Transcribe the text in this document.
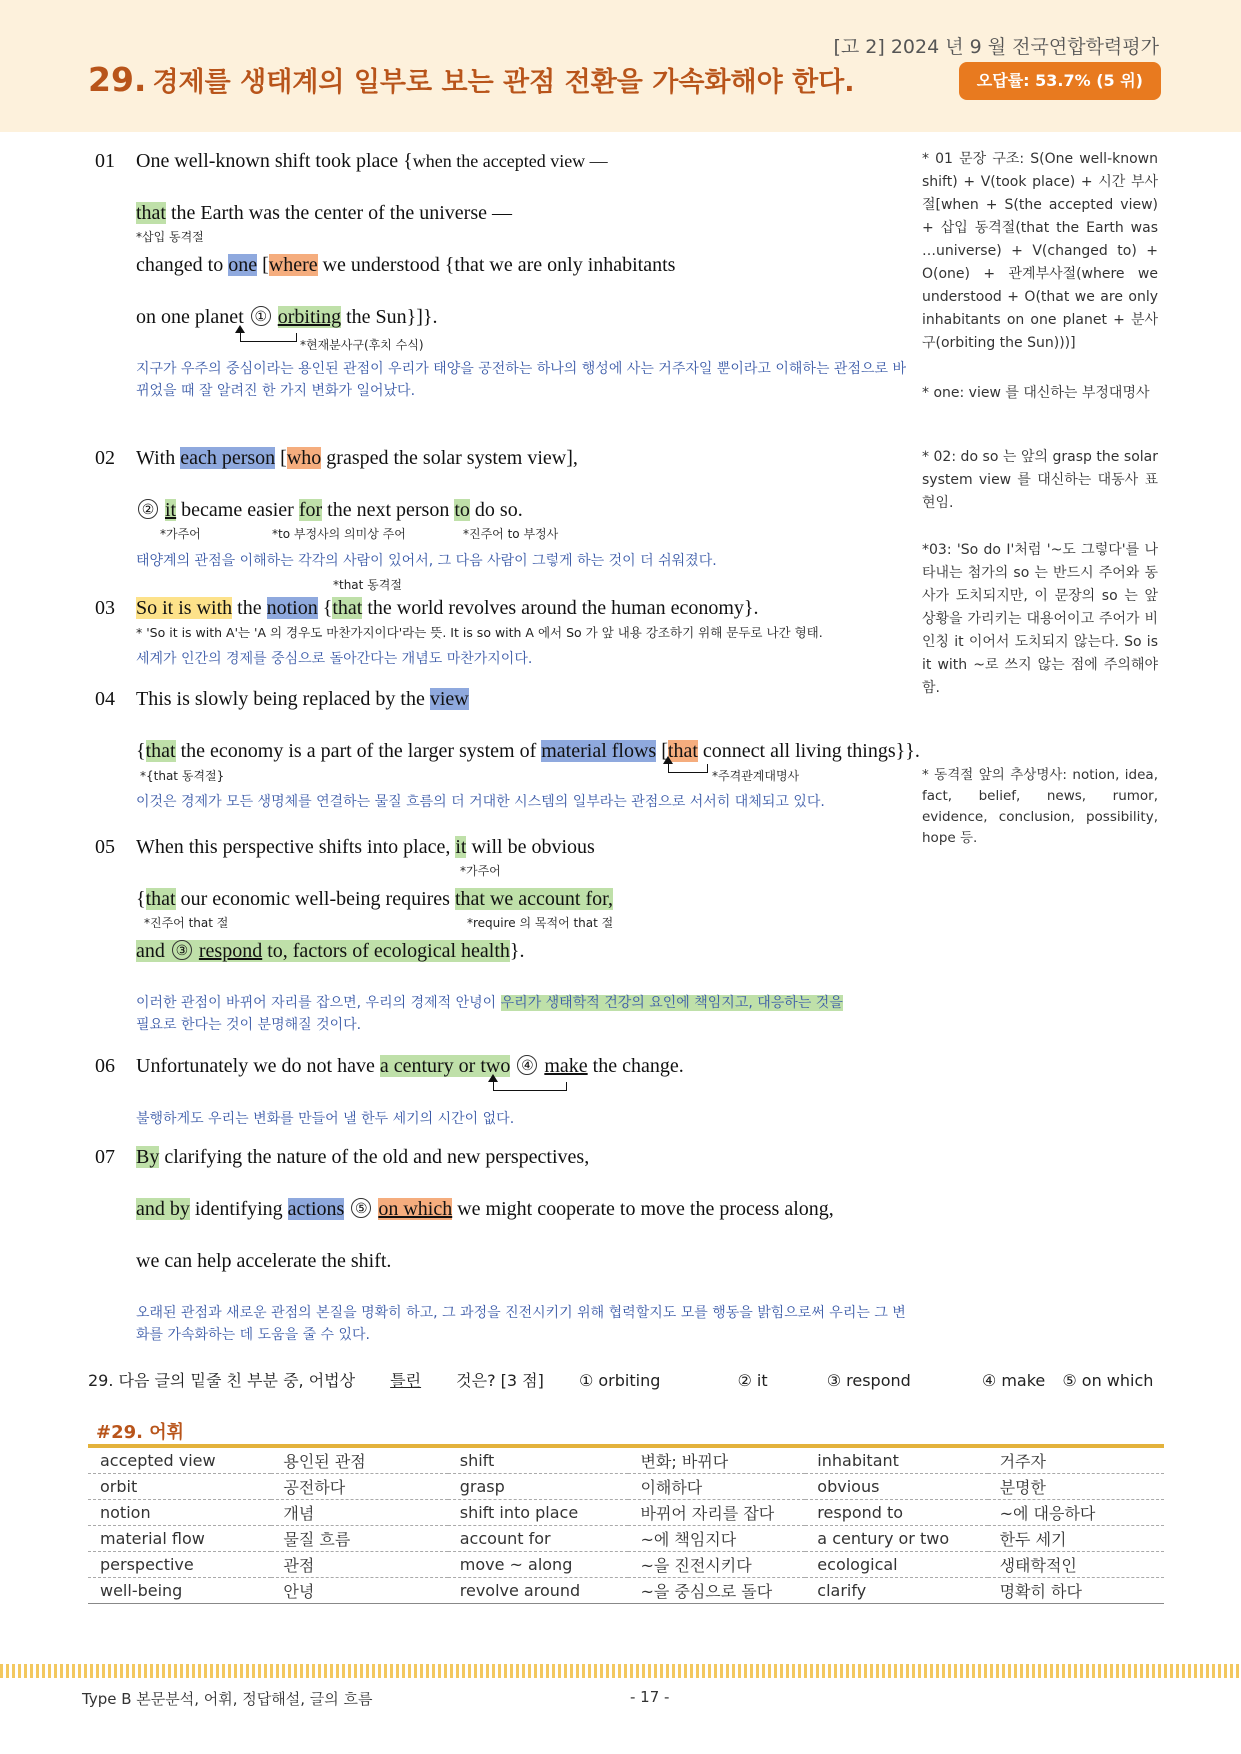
[고 2] 2024 년 9 월 전국연합학력평가
29. 경제를 생태계의 일부로 보는 관점 전환을 가속화해야 한다.	오답률: 53.7% (5 위)
01 One well-known shift took place {when the accepted view —
that the Earth was the center of the universe —
*삽입 동격절
changed to one [where we understood {that we are only inhabitants
on one planet ① orbiting the Sun}]}.
*현재분사구(후치 수식)
지구가 우주의 중심이라는 용인된 관점이 우리가 태양을 공전하는 하나의 행성에 사는 거주자일 뿐이라고 이해하는 관점으로 바뀌었을 때 잘 알려진 한 가지 변화가 일어났다.
02 With each person [who grasped the solar system view],
② it became easier for the next person to do so.
*가주어	*to 부정사의 의미상 주어	*진주어 to 부정사
태양계의 관점을 이해하는 각각의 사람이 있어서, 그 다음 사람이 그렇게 하는 것이 더 쉬워졌다.
*that 동격절
03 So it is with the notion {that the world revolves around the human economy}.
* 'So it is with A'는 'A 의 경우도 마찬가지이다'라는 뜻. It is so with A 에서 So 가 앞 내용 강조하기 위해 문두로 나간 형태.
세계가 인간의 경제를 중심으로 돌아간다는 개념도 마찬가지이다.
04 This is slowly being replaced by the view
{that the economy is a part of the larger system of material flows [that connect all living things}}.
*{that 동격절}	*주격관계대명사
이것은 경제가 모든 생명체를 연결하는 물질 흐름의 더 거대한 시스템의 일부라는 관점으로 서서히 대체되고 있다.
05 When this perspective shifts into place, it will be obvious
*가주어
{that our economic well-being requires that we account for,
*진주어 that 절	*require 의 목적어 that 절
and ③ respond to, factors of ecological health}.
이러한 관점이 바뀌어 자리를 잡으면, 우리의 경제적 안녕이 우리가 생태학적 건강의 요인에 책임지고, 대응하는 것을
필요로 한다는 것이 분명해질 것이다.
06 Unfortunately we do not have a century or two ④ make the change.
불행하게도 우리는 변화를 만들어 낼 한두 세기의 시간이 없다.
07 By clarifying the nature of the old and new perspectives,
and by identifying actions ⑤ on which we might cooperate to move the process along,
we can help accelerate the shift.
오래된 관점과 새로운 관점의 본질을 명확히 하고, 그 과정을 진전시키기 위해 협력할지도 모를 행동을 밝힘으로써 우리는 그 변화를 가속화하는 데 도움을 줄 수 있다.
* 01 문장 구조: S(One well-known shift) + V(took place) + 시간 부사절[when + S(the accepted view) + 삽입 동격절(that the Earth was …universe) + V(changed to) + O(one) + 관계부사절(where we understood + O(that we are only inhabitants on one planet + 분사구(orbiting the Sun)))]
* one: view 를 대신하는 부정대명사
* 02: do so 는 앞의 grasp the solar system view 를 대신하는 대동사 표현임.
*03: 'So do I'처럼 '~도 그렇다'를 나타내는 첨가의 so 는 반드시 주어와 동사가 도치되지만, 이 문장의 so 는 앞 상황을 가리키는 대용어이고 주어가 비인칭 it 이어서 도치되지 않는다. So is it with ~로 쓰지 않는 점에 주의해야 함.
* 동격절 앞의 추상명사: notion, idea, fact, belief, news, rumor, evidence, conclusion, possibility, hope 등.
29. 다음 글의 밑줄 친 부분 중, 어법상 틀린 것은? [3 점] ① orbiting	② it	③ respond	④ make ⑤ on which
#29. 어휘
accepted view	용인된 관점	shift	변화; 바뀌다	inhabitant	거주자
orbit	공전하다	grasp	이해하다	obvious	분명한
notion	개념	shift into place	바뀌어 자리를 잡다	respond to	~에 대응하다
material flow	물질 흐름	account for	~에 책임지다	a century or two	한두 세기
perspective	관점	move ~ along	~을 진전시키다	ecological	생태학적인
well-being	안녕	revolve around	~을 중심으로 돌다	clarify	명확히 하다
Type B 본문분석, 어휘, 정답해설, 글의 흐름	- 17 -
